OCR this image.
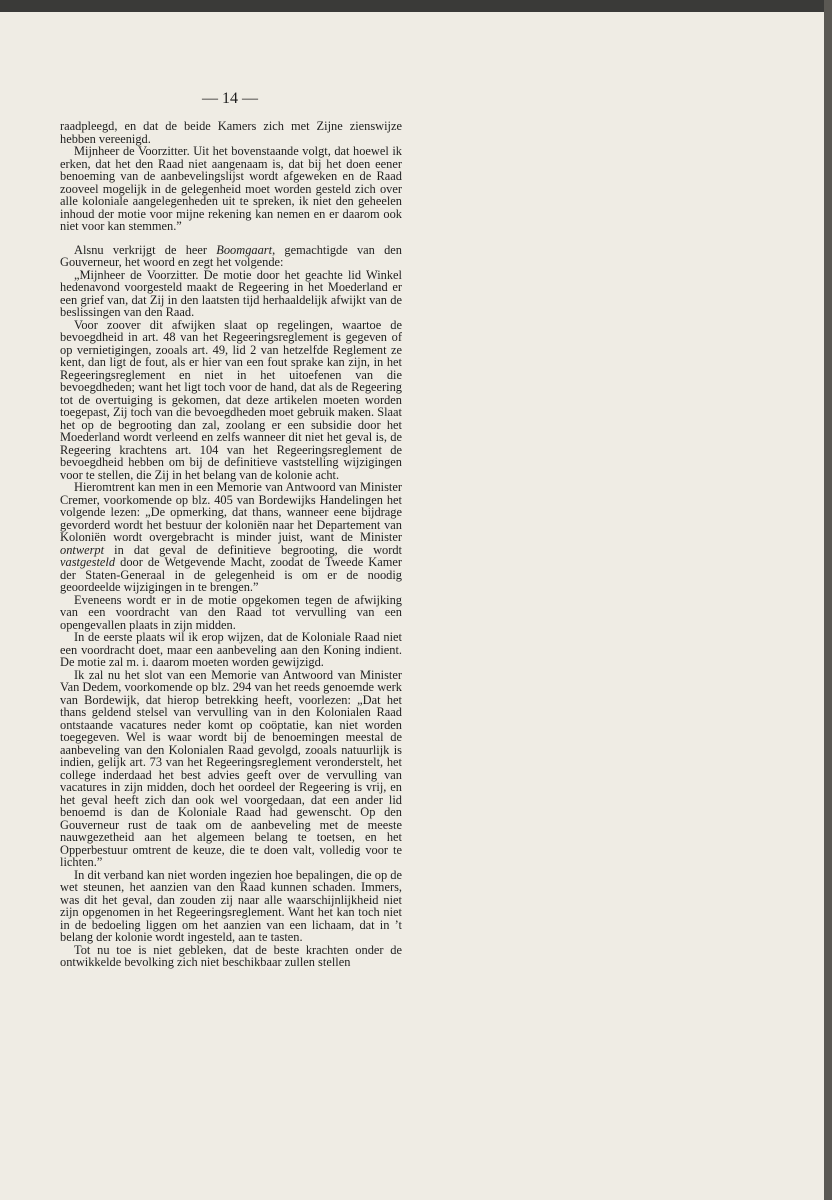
— 14 —

raadpleegd, en dat de beide Kamers zich met Zijne zienswijze hebben vereenigd.

Mijnheer de Voorzitter. Uit het bovenstaande volgt, dat hoewel ik erken, dat het den Raad niet aangenaam is, dat bij het doen eener benoeming van de aanbevelingslijst wordt afgeweken en de Raad zooveel mogelijk in de gelegenheid moet worden gesteld zich over alle koloniale aangelegenheden uit te spreken, ik niet den geheelen inhoud der motie voor mijne rekening kan nemen en er daarom ook niet voor kan stemmen.”

Alsnu verkrijgt de heer Boomgaart, gemachtigde van den Gouverneur, het woord en zegt het volgende:

„Mijnheer de Voorzitter. De motie door het geachte lid Winkel hedenavond voorgesteld maakt de Regeering in het Moederland er een grief van, dat Zij in den laatsten tijd herhaaldelijk afwijkt van de beslissingen van den Raad.

Voor zoover dit afwijken slaat op regelingen, waartoe de bevoegdheid in art. 48 van het Regeeringsreglement is gegeven of op vernietigingen, zooals art. 49, lid 2 van hetzelfde Reglement ze kent, dan ligt de fout, als er hier van een fout sprake kan zijn, in het Regeeringsreglement en niet in het uitoefenen van die bevoegdheden; want het ligt toch voor de hand, dat als de Regeering tot de overtuiging is gekomen, dat deze artikelen moeten worden toegepast, Zij toch van die bevoegdheden moet gebruik maken. Slaat het op de begrooting dan zal, zoolang er een subsidie door het Moederland wordt verleend en zelfs wanneer dit niet het geval is, de Regeering krachtens art. 104 van het Regeeringsreglement de bevoegdheid hebben om bij de definitieve vaststelling wijzigingen voor te stellen, die Zij in het belang van de kolonie acht.

Hieromtrent kan men in een Memorie van Antwoord van Minister Cremer, voorkomende op blz. 405 van Bordewijks Handelingen het volgende lezen: „De opmerking, dat thans, wanneer eene bijdrage gevorderd wordt het bestuur der koloniën naar het Departement van Koloniën wordt overgebracht is minder juist, want de Minister ontwerpt in dat geval de definitieve begrooting, die wordt vastgesteld door de Wetgevende Macht, zoodat de Tweede Kamer der Staten-Generaal in de gelegenheid is om er de noodig geoordeelde wijzigingen in te brengen.”

Eveneens wordt er in de motie opgekomen tegen de afwijking van een voordracht van den Raad tot vervulling van een opengevallen plaats in zijn midden.

In de eerste plaats wil ik erop wijzen, dat de Koloniale Raad niet een voordracht doet, maar een aanbeveling aan den Koning indient. De motie zal m. i. daarom moeten worden gewijzigd.

Ik zal nu het slot van een Memorie van Antwoord van Minister Van Dedem, voorkomende op blz. 294 van het reeds genoemde werk van Bordewijk, dat hierop betrekking heeft, voorlezen: „Dat het thans geldend stelsel van vervulling van in den Kolonialen Raad ontstaande vacatures neder komt op coöptatie, kan niet worden toegegeven. Wel is waar wordt bij de benoemingen meestal de aanbeveling van den Kolonialen Raad gevolgd, zooals natuurlijk is indien, gelijk art. 73 van het Regeeringsreglement veronderstelt, het college inderdaad het best advies geeft over de vervulling van vacatures in zijn midden, doch het oordeel der Regeering is vrij, en het geval heeft zich dan ook wel voorgedaan, dat een ander lid benoemd is dan de Koloniale Raad had gewenscht. Op den Gouverneur rust de taak om de aanbeveling met de meeste nauwgezetheid aan het algemeen belang te toetsen, en het Opperbestuur omtrent de keuze, die te doen valt, volledig voor te lichten.”

In dit verband kan niet worden ingezien hoe bepalingen, die op de wet steunen, het aanzien van den Raad kunnen schaden. Immers, was dit het geval, dan zouden zij naar alle waarschijnlijkheid niet zijn opgenomen in het Regeeringsreglement. Want het kan toch niet in de bedoeling liggen om het aanzien van een lichaam, dat in ’t belang der kolonie wordt ingesteld, aan te tasten.

Tot nu toe is niet gebleken, dat de beste krachten onder de ontwikkelde bevolking zich niet beschikbaar zullen stellen
